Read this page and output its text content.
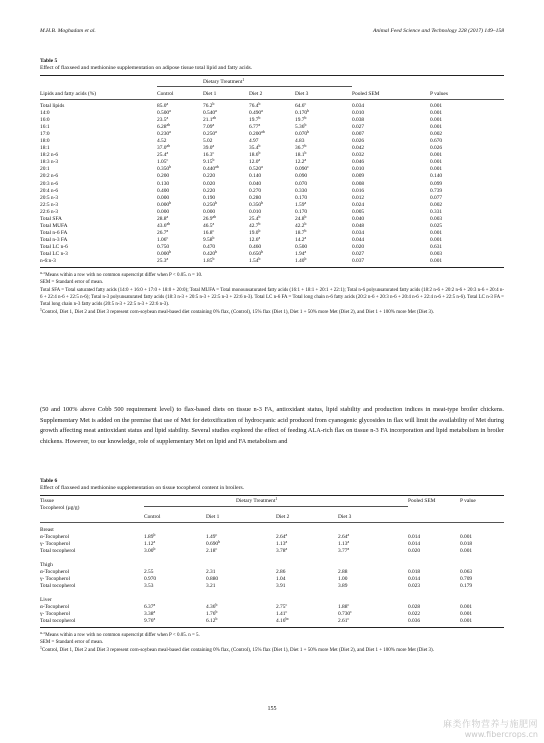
M.H.B. Moghadam et al.	Animal Feed Science and Technology 228 (2017) 149–158
Table 5
Effect of flaxseed and methionine supplementation on adipose tissue total lipid and fatty acids.
		Dietary Treatment$^1$		

Lipids and fatty acids (%)	Control	Diet 1	Diet 2	Diet 3	Pooled SEM	P values

Total lipids	85.0$^a$	76.2$^b$	76.4$^b$	64.6$^c$	0.034	0.001
14:0	0.500$^a$	0.540$^a$	0.490$^a$	0.170$^b$	0.010	0.001
16:0	23.5$^a$	21.1$^{ab}$	19.7$^b$	19.7$^b$	0.038	0.001
16:1	6.28$^{ab}$	7.09$^a$	6.77$^a$	5.36$^b$	0.027	0.001
17:0	0.230$^a$	0.250$^a$	0.200$^{ab}$	0.070$^b$	0.007	0.002
18:0	4.52	5.02	4.97	4.83	0.026	0.670
18:1	37.0$^{ab}$	39.0$^a$	35.4$^b$	36.7$^b$	0.042	0.026
18:2 n-6	25.4$^a$	16.3$^c$	18.6$^b$	18.1$^b$	0.032	0.001
18:3 n-3	1.05$^c$	9.15$^b$	12.0$^a$	12.2$^a$	0.046	0.001
20:1	0.350$^b$	0.440$^{ab}$	0.520$^a$	0.090$^c$	0.010	0.001
20:2 n-6	0.200	0.220	0.140	0.090	0.009	0.140
20:3 n-6	0.130	0.020	0.040	0.070	0.008	0.099
20:4 n-6	0.400	0.220	0.270	0.330	0.016	0.739
20:5 n-3	0.000	0.190	0.280	0.170	0.012	0.077
22:5 n-3	0.000$^b$	0.250$^b$	0.350$^b$	1.59$^a$	0.024	0.002
22:6 n-3	0.000	0.000	0.010	0.170	0.005	0.331
Total SFA	28.8$^a$	26.9$^{ab}$	25.4$^b$	24.8$^b$	0.040	0.003
Total MUFA	43.6$^{ab}$	46.5$^a$	42.7$^b$	42.2$^b$	0.048	0.025
Total n-6 FA	26.7$^a$	16.8$^c$	19.0$^b$	18.7$^b$	0.034	0.001
Total n-3 FA	1.06$^c$	9.58$^b$	12.6$^a$	14.2$^a$	0.044	0.001
Total LC n-6	0.750	0.470	0.460	0.500	0.020	0.631
Total LC n-3	0.000$^b$	0.420$^b$	0.650$^b$	1.94$^a$	0.027	0.003
n-6:n-3	25.3$^a$	1.85$^b$	1.54$^b$	1.40$^b$	0.037	0.001

$^{a-c}$Means within a row with no common superscript differ when P < 0.05. n = 10.

SEM = Standard error of mean.

Total SFA = Total saturated fatty acids (14:0 + 16:0 + 17:0 + 18:0 + 20:0); Total MUFA = Total monounsaturated fatty acids (16:1 + 18:1 + 20:1 + 22:1); Total n-6 polyunsaturated fatty acids (18:2 n-6 + 20:2 n-6 + 20:3 n-6 + 20:4 n-6 + 22:4 n-6 + 22:5 n-6); Total n-3 polyunsaturated fatty acids (18:3 n-3 + 20:5 n-3 + 22:5 n-3 + 22:6 n-3). Total LC n-6 FA = Total long chain n-6 fatty acids (20:2 n-6 + 20:3 n-6 + 20:4 n-6 + 22:4 n-6 + 22:5 n-6). Total LC n-3 FA = Total long chain n-3 fatty acids (20:5 n-3 + 22:5 n-3 + 22:6 n-3).

$^1$Control, Diet 1, Diet 2 and Diet 3 represent corn-soybean meal-based diet containing 0% flax, (Control), 15% flax (Diet 1), Diet 1 + 50% more Met (Diet 2), and Diet 1 + 100% more Met (Diet 3).

(50 and 100% above Cobb 500 requirement level) to flax-based diets on tissue n-3 FA, antioxidant status, lipid stability and production indices in meat-type broiler chickens. Supplementary Met is added on the premise that use of Met for detoxification of hydrocyanic acid produced from cyanogenic glycosides in flax will limit the availability of Met during growth affecting meat antioxidant status and lipid stability. Several studies explored the effect of feeding ALA-rich flax on tissue n-3 FA incorporation and lipid metabolism in broiler chickens. However, to our knowledge, role of supplementary Met on lipid and FA metabolism and

Table 6
Effect of flaxseed and methionine supplementation on tissue tocopherol content in broilers.
Tissue		Dietary Treatment$^1$			Pooled SEM	P value
Tocopherol (µg/g)				

	Control	Diet 1	Diet 2	Diet 3		

Breast						
α-Tocopherol	1.89$^b$	1.49$^c$	2.64$^a$	2.64$^a$	0.014	0.001
γ- Tocopherol	1.12$^a$	0.690$^b$	1.13$^a$	1.13$^a$	0.014	0.018
Total tocopherol	3.00$^b$	2.18$^c$	3.78$^a$	3.77$^a$	0.020	0.001
Thigh						
α-Tocopherol	2.55	2.31	2.86	2.88	0.018	0.063
γ- Tocopherol	0.970	0.880	1.04	1.00	0.014	0.709
Total tocopherol	3.53	3.21	3.91	3.89	0.023	0.179
Liver						
α-Tocopherol	6.37$^a$	4.36$^b$	2.75$^c$	1.88$^c$	0.028	0.001
γ- Tocopherol	3.38$^a$	1.76$^b$	1.41$^c$	0.730$^c$	0.022	0.001
Total tocopherol	9.76$^a$	6.12$^b$	4.16$^{bc}$	2.61$^c$	0.036	0.001

$^{a-c}$Means within a row with no common superscript differ when P < 0.05. n = 5.

SEM = Standard error of mean.

$^1$Control, Diet 1, Diet 2 and Diet 3 represent corn-soybean meal-based diet containing 0% flax, (Control), 15% flax (Diet 1), Diet 1 + 50% more Met (Diet 2), and Diet 1 + 100% more Met (Diet 3).

155
麻类作物营养与施肥网
www.fibercrops.cn
